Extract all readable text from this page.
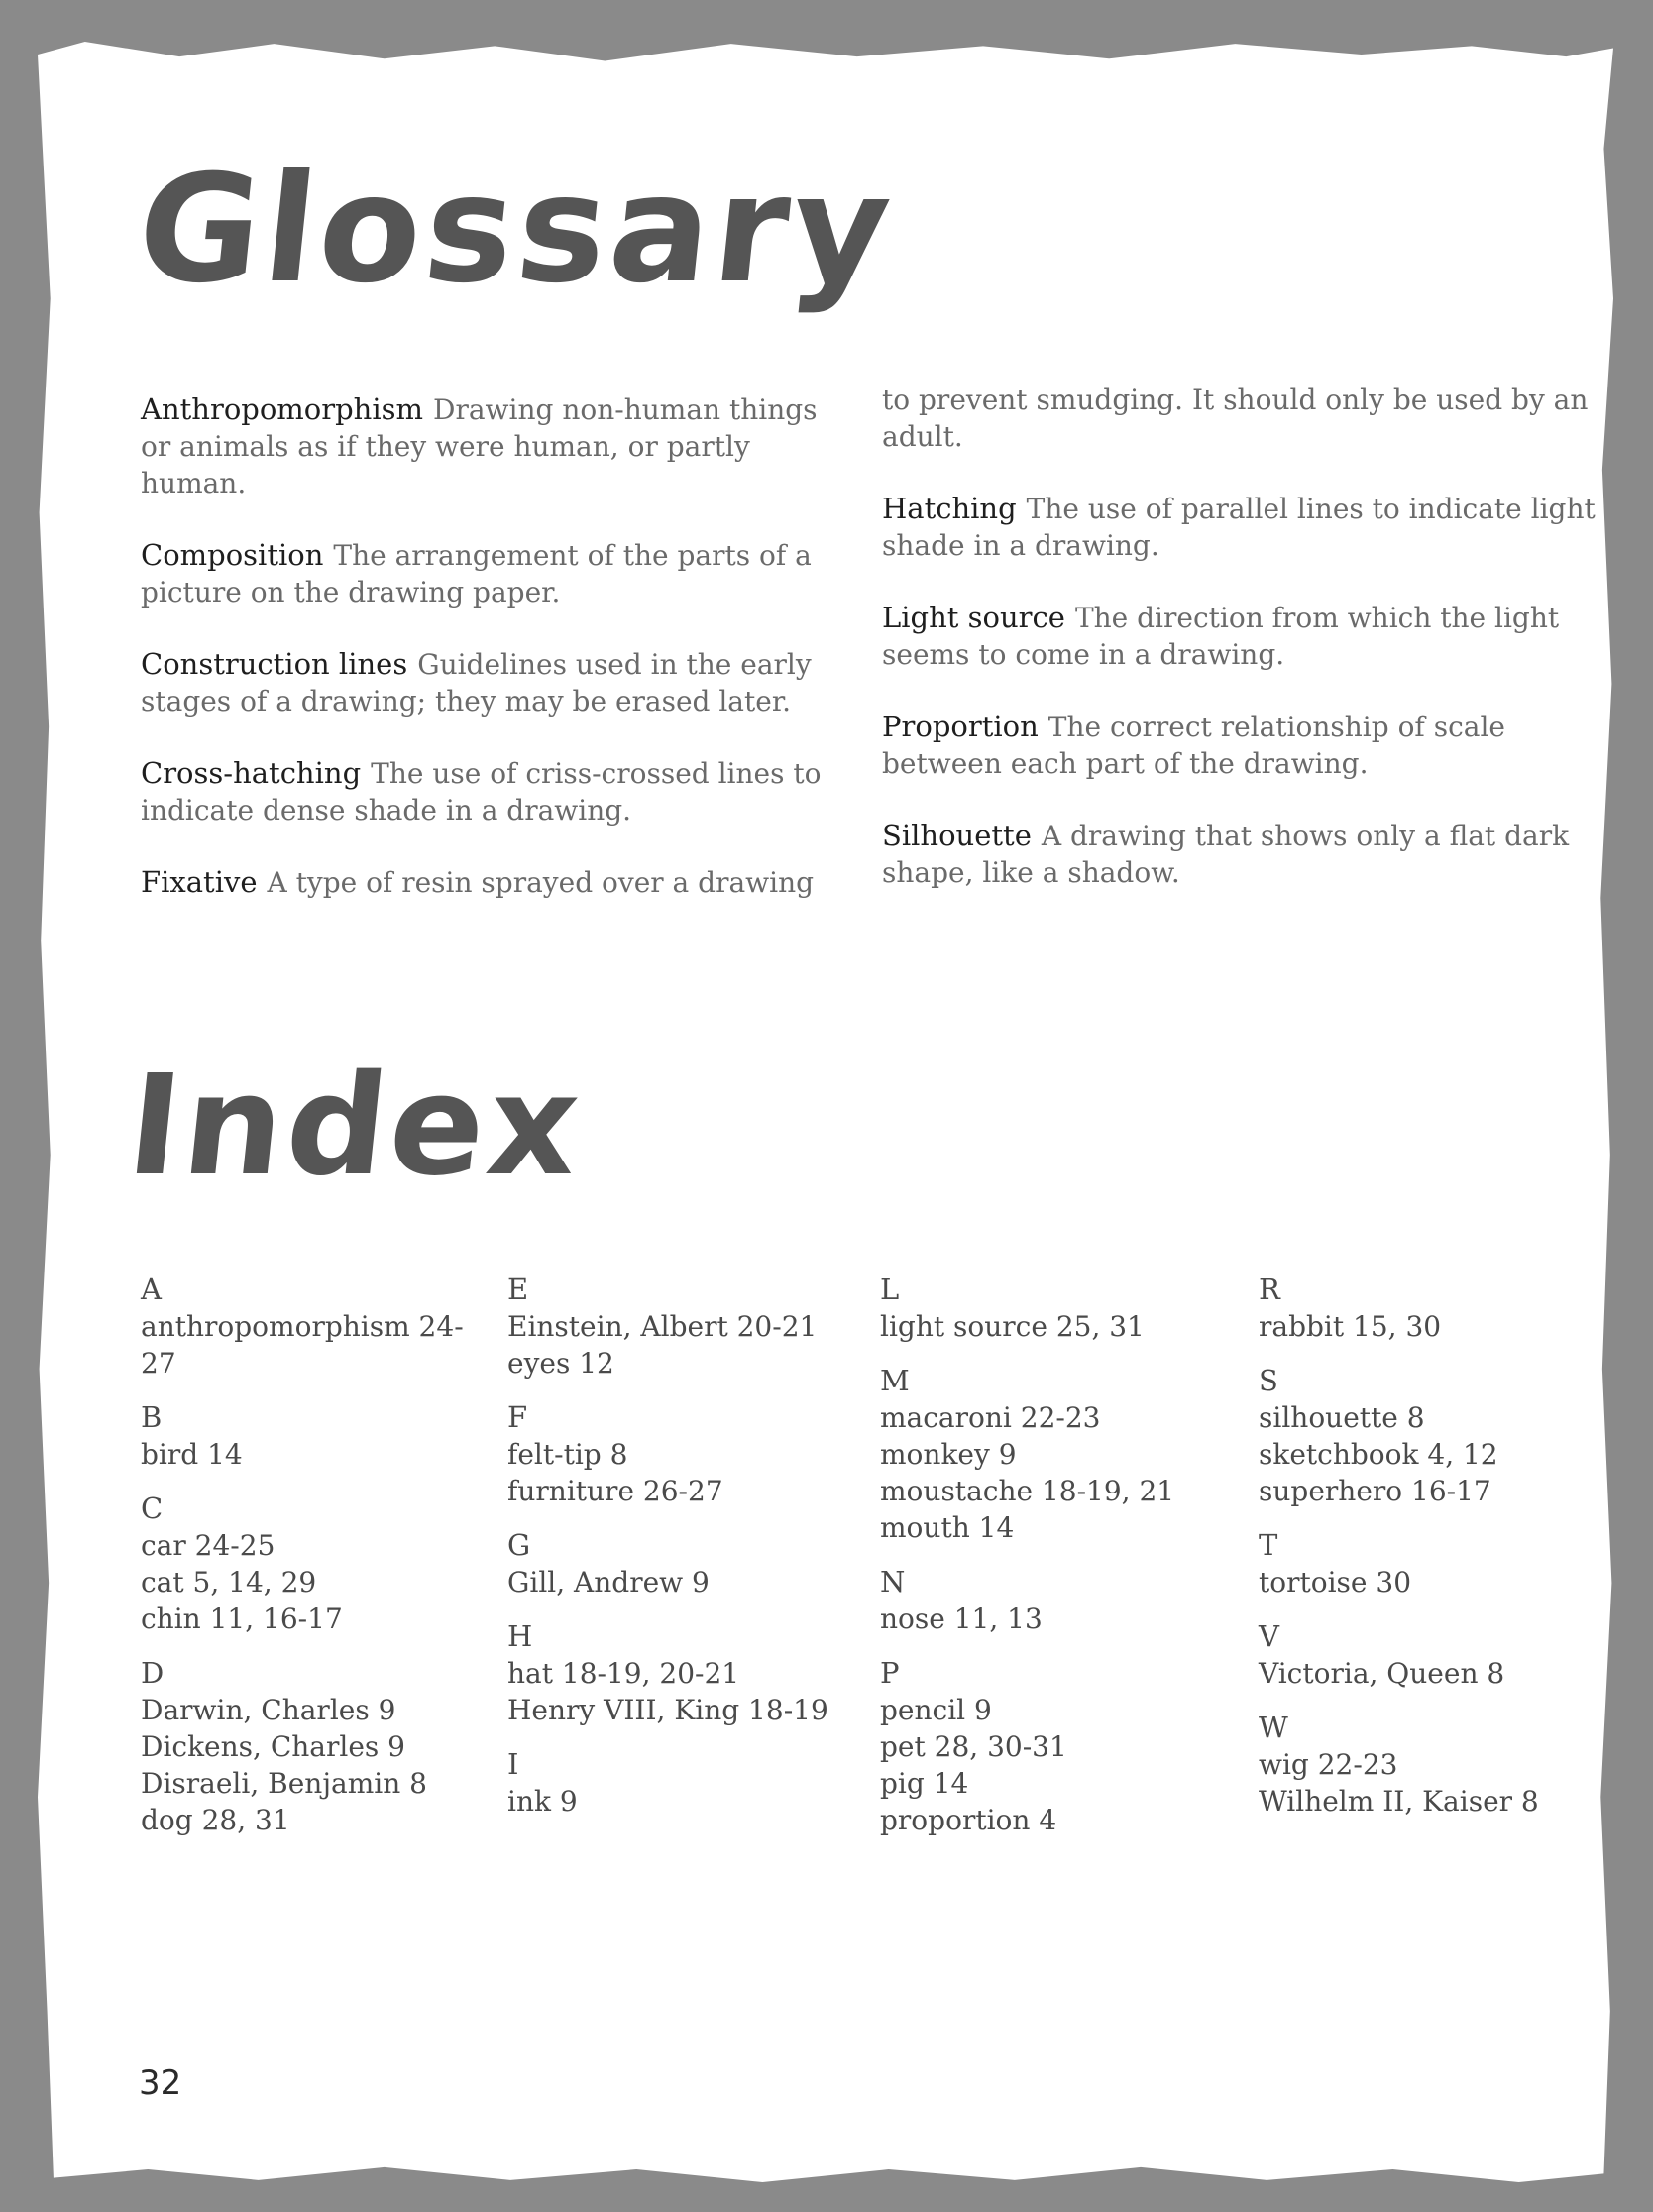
Glossary

Anthropomorphism Drawing non-human things or animals as if they were human, or partly human.

Composition The arrangement of the parts of a picture on the drawing paper.

Construction lines Guidelines used in the early stages of a drawing; they may be erased later.

Cross-hatching The use of criss-crossed lines to indicate dense shade in a drawing.

Fixative A type of resin sprayed over a drawing

to prevent smudging. It should only be used by an adult.

Hatching The use of parallel lines to indicate light shade in a drawing.

Light source The direction from which the light seems to come in a drawing.

Proportion The correct relationship of scale between each part of the drawing.

Silhouette A drawing that shows only a flat dark shape, like a shadow.

Index
A
anthropomorphism 24-27
B
bird 14
C
car 24-25
cat 5, 14, 29
chin 11, 16-17
D
Darwin, Charles 9
Dickens, Charles 9
Disraeli, Benjamin 8
dog 28, 31
E
Einstein, Albert 20-21
eyes 12
F
felt-tip 8
furniture 26-27
G
Gill, Andrew 9
H
hat 18-19, 20-21
Henry VIII, King 18-19
I
ink 9
L
light source 25, 31
M
macaroni 22-23
monkey 9
moustache 18-19, 21
mouth 14
N
nose 11, 13
P
pencil 9
pet 28, 30-31
pig 14
proportion 4
R
rabbit 15, 30
S
silhouette 8
sketchbook 4, 12
superhero 16-17
T
tortoise 30
V
Victoria, Queen 8
W
wig 22-23
Wilhelm II, Kaiser 8
32
